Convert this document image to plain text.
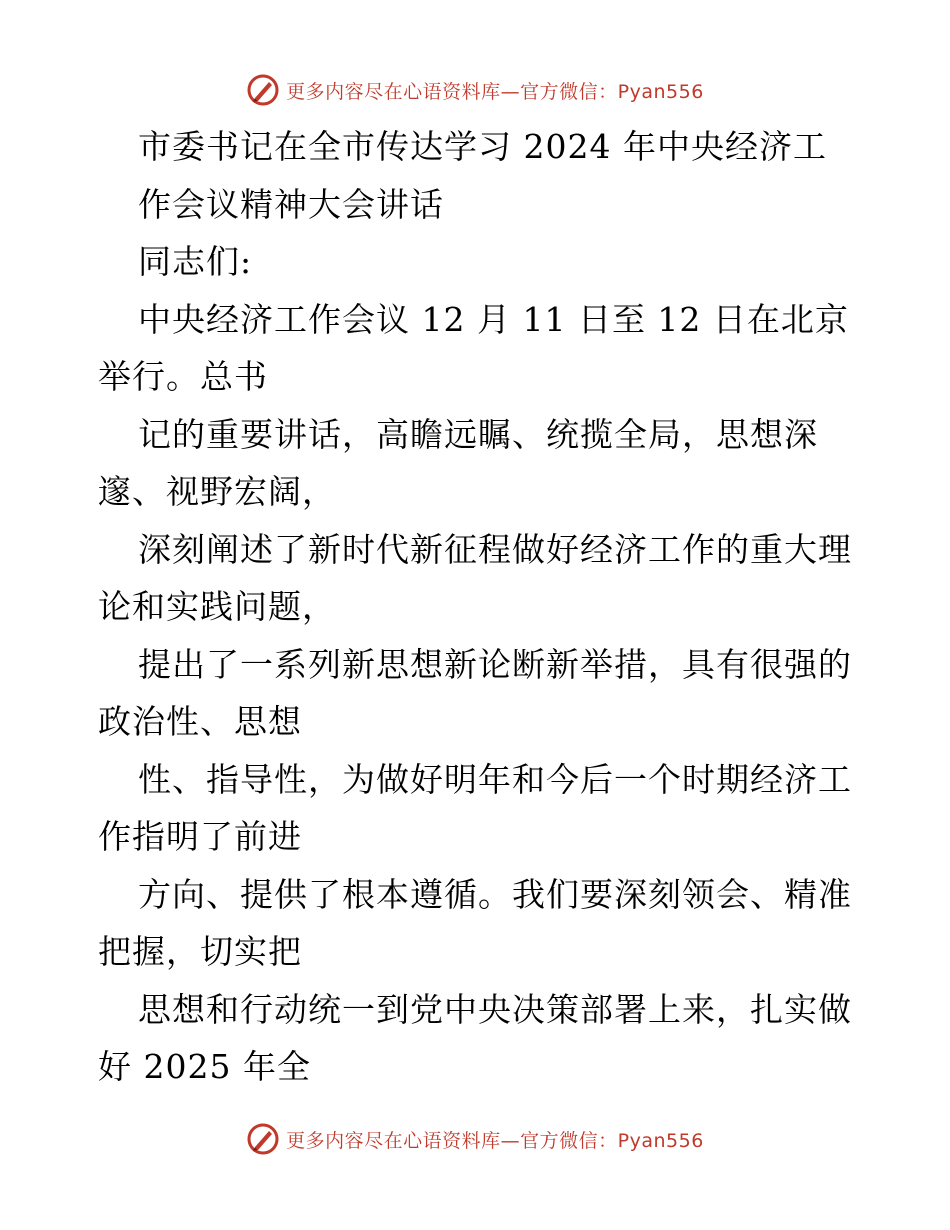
更多内容尽在心语资料库—官方微信：Pyan556
市委书记在全市传达学习 2024 年中央经济工
作会议精神大会讲话
同志们:
中央经济工作会议 12 月 11 日至 12 日在北京
举行。总书
记的重要讲话，高瞻远瞩、统揽全局，思想深
邃、视野宏阔，
深刻阐述了新时代新征程做好经济工作的重大理
论和实践问题，
提出了一系列新思想新论断新举措，具有很强的
政治性、思想
性、指导性，为做好明年和今后一个时期经济工
作指明了前进
方向、提供了根本遵循。我们要深刻领会、精准
把握，切实把
思想和行动统一到党中央决策部署上来，扎实做
好 2025 年全
更多内容尽在心语资料库—官方微信：Pyan556
